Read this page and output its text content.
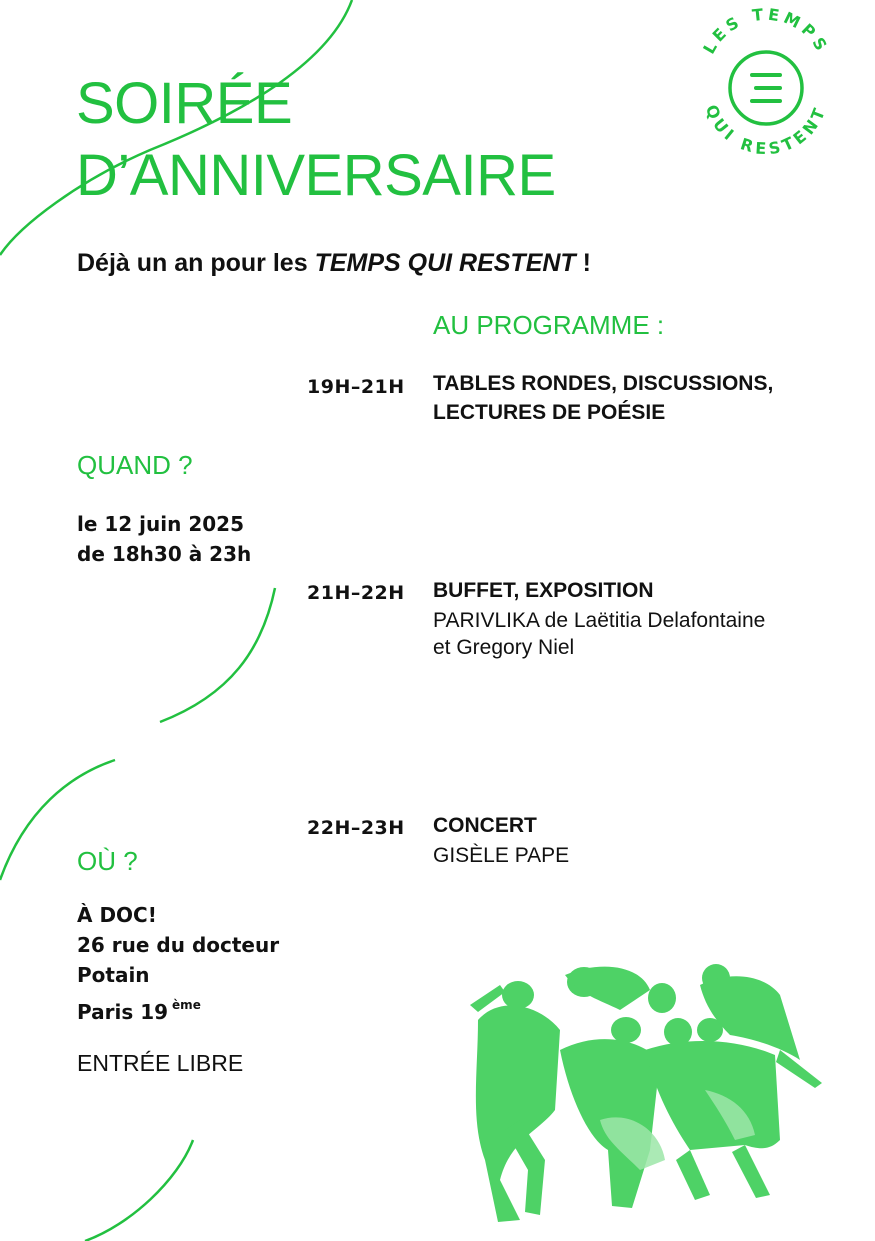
LES TEMPS
QUI RESTENT
SOIRÉE
D’ANNIVERSAIRE
Déjà un an pour les TEMPS QUI RESTENT !
AU PROGRAMME :
19H–21H TABLES RONDES, DISCUSSIONS,
LECTURES DE POÉSIE
21H–22H BUFFET, EXPOSITION
PARIVLIKA de Laëtitia Delafontaine
et Gregory Niel
22H–23H CONCERT
GISÈLE PAPE
QUAND ?
le 12 juin 2025
de 18h30 à 23h
OÙ ?
À DOC!
26 rue du docteur
Potain
Paris 19 $^{ème}$
ENTRÉE LIBRE
